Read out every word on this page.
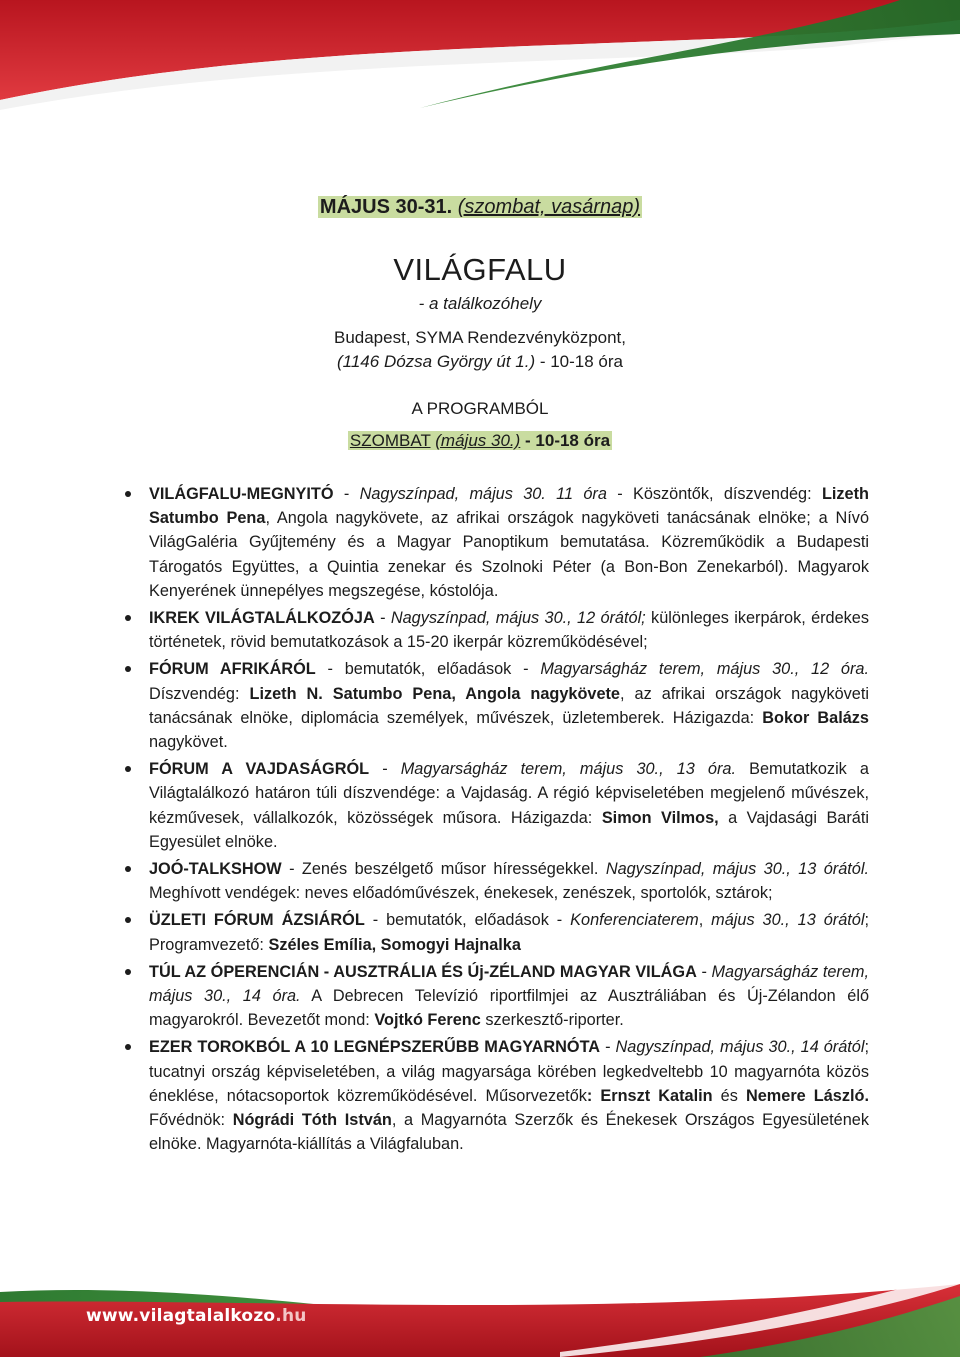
www.vilagtalalkozo.hu
MÁJUS 30-31. (szombat, vasárnap)
VILÁGFALU
- a találkozóhely
Budapest, SYMA Rendezvényközpont,
(1146 Dózsa György út 1.) - 10-18 óra
A PROGRAMBÓL
SZOMBAT (május 30.) - 10-18 óra
VILÁGFALU-MEGNYITÓ - Nagyszínpad, május 30. 11 óra - Köszöntők, díszvendég: Lizeth Satumbo Pena, Angola nagykövete, az afrikai országok nagyköveti tanácsának elnöke; a Nívó VilágGaléria Gyűjtemény és a Magyar Panoptikum bemutatása. Közreműködik a Budapesti Tárogatós Együttes, a Quintia zenekar és Szolnoki Péter (a Bon-Bon Zenekarból). Magyarok Kenyerének ünnepélyes megszegése, kóstolója.
IKREK VILÁGTALÁLKOZÓJA - Nagyszínpad, május 30., 12 órától; különleges ikerpárok, érdekes történetek, rövid bemutatkozások a 15-20 ikerpár közreműködésével;
FÓRUM AFRIKÁRÓL - bemutatók, előadások - Magyarságház terem, május 30., 12 óra. Díszvendég: Lizeth N. Satumbo Pena, Angola nagykövete, az afrikai országok nagyköveti tanácsának elnöke, diplomácia személyek, művészek, üzletemberek. Házigazda: Bokor Balázs nagykövet.
FÓRUM A VAJDASÁGRÓL - Magyarságház terem, május 30., 13 óra. Bemutatkozik a Világtalálkozó határon túli díszvendége: a Vajdaság. A régió képviseletében megjelenő művészek, kézművesek, vállalkozók, közösségek műsora. Házigazda: Simon Vilmos, a Vajdasági Baráti Egyesület elnöke.
JOÓ-TALKSHOW - Zenés beszélgető műsor hírességekkel. Nagyszínpad, május 30., 13 órától. Meghívott vendégek: neves előadóművészek, énekesek, zenészek, sportolók, sztárok;
ÜZLETI FÓRUM ÁZSIÁRÓL - bemutatók, előadások - Konferenciaterem, május 30., 13 órától; Programvezető: Széles Emília, Somogyi Hajnalka
TÚL AZ ÓPERENCIÁN - AUSZTRÁLIA ÉS Új-ZÉLAND MAGYAR VILÁGA - Magyarságház terem, május 30., 14 óra. A Debrecen Televízió riportfilmjei az Ausztráliában és Új-Zélandon élő magyarokról. Bevezetőt mond: Vojtkó Ferenc szerkesztő-riporter.
EZER TOROKBÓL A 10 LEGNÉPSZERŰBB MAGYARNÓTA - Nagyszínpad, május 30., 14 órától; tucatnyi ország képviseletében, a világ magyarsága körében legkedveltebb 10 magyarnóta közös éneklése, nótacsoportok közreműködésével. Műsorvezetők: Ernszt Katalin és Nemere László. Fővédnök: Nógrádi Tóth István, a Magyarnóta Szerzők és Énekesek Országos Egyesületének elnöke. Magyarnóta-kiállítás a Világfaluban.
